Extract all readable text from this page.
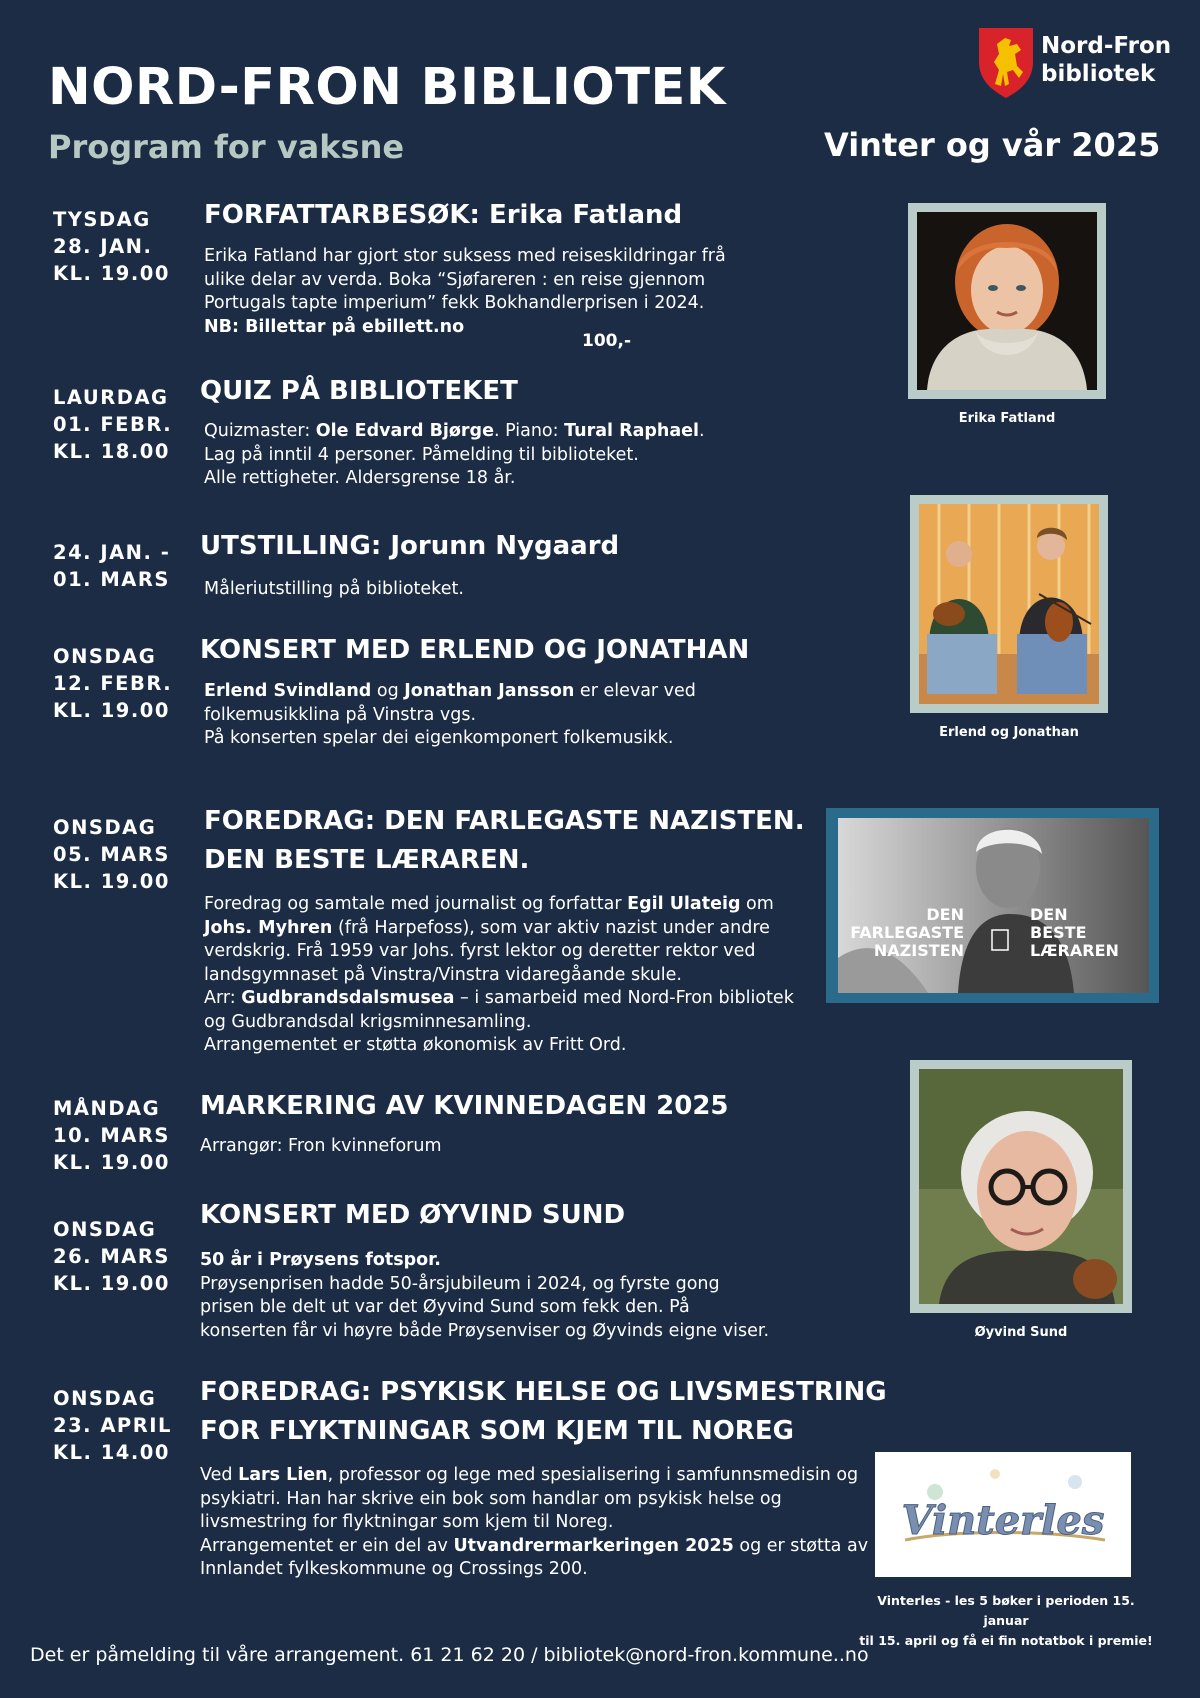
NORD-FRON BIBLIOTEK
Program for vaksne	Vinter og vår 2025
Nord-Fron
bibliotek
TYSDAG
28. JAN.
KL. 19.00
FORFATTARBESØK: Erika Fatland

Erika Fatland har gjort stor suksess med reiseskildringar frå
ulike delar av verda. Boka “Sjøfareren : en reise gjennom
Portugals tapte imperium” fekk Bokhandlerprisen i 2024.
NB: Billettar på ebillett.no

100,-
LAURDAG
01. FEBR.
KL. 18.00
QUIZ PÅ BIBLIOTEKET

Quizmaster: Ole Edvard Bjørge. Piano: Tural Raphael.
Lag på inntil 4 personer. Påmelding til biblioteket.
Alle rettigheter. Aldersgrense 18 år.

24. JAN. -
01. MARS
UTSTILLING: Jorunn Nygaard

Måleriutstilling på biblioteket.

ONSDAG
12. FEBR.
KL. 19.00
KONSERT MED ERLEND OG JONATHAN

Erlend Svindland og Jonathan Jansson er elevar ved
folkemusikklina på Vinstra vgs.
På konserten spelar dei eigenkomponert folkemusikk.

ONSDAG
05. MARS
KL. 19.00
FOREDRAG: DEN FARLEGASTE NAZISTEN.
DEN BESTE LÆRAREN.

Foredrag og samtale med journalist og forfattar Egil Ulateig om
Johs. Myhren (frå Harpefoss), som var aktiv nazist under andre
verdskrig. Frå 1959 var Johs. fyrst lektor og deretter rektor ved
landsgymnaset på Vinstra/Vinstra vidaregåande skule.
Arr: Gudbrandsdalsmusea – i samarbeid med Nord-Fron bibliotek
og Gudbrandsdal krigsminnesamling.
Arrangementet er støtta økonomisk av Fritt Ord.

MÅNDAG
10. MARS
KL. 19.00
MARKERING AV KVINNEDAGEN 2025

Arrangør: Fron kvinneforum

ONSDAG
26. MARS
KL. 19.00
KONSERT MED ØYVIND SUND

50 år i Prøysens fotspor.
Prøysenprisen hadde 50-årsjubileum i 2024, og fyrste gong
prisen ble delt ut var det Øyvind Sund som fekk den. På
konserten får vi høyre både Prøysenviser og Øyvinds eigne viser.

ONSDAG
23. APRIL
KL. 14.00
FOREDRAG: PSYKISK HELSE OG LIVSMESTRING
FOR FLYKTNINGAR SOM KJEM TIL NOREG

Ved Lars Lien, professor og lege med spesialisering i samfunnsmedisin og
psykiatri. Han har skrive ein bok som handlar om psykisk helse og
livsmestring for flyktningar som kjem til Noreg.
Arrangementet er ein del av Utvandrermarkeringen 2025 og er støtta av
Innlandet fylkeskommune og Crossings 200.

Erika Fatland
Erlend og Jonathan
DEN
FARLEGASTE
NAZISTEN
DEN
BESTE
LÆRAREN
Øyvind Sund
Vinterles
Vinterles - les 5 bøker i perioden 15. januar
til 15. april og få ei fin notatbok i premie!

Det er påmelding til våre arrangement. 61 21 62 20 / bibliotek@nord-fron.kommune..no
